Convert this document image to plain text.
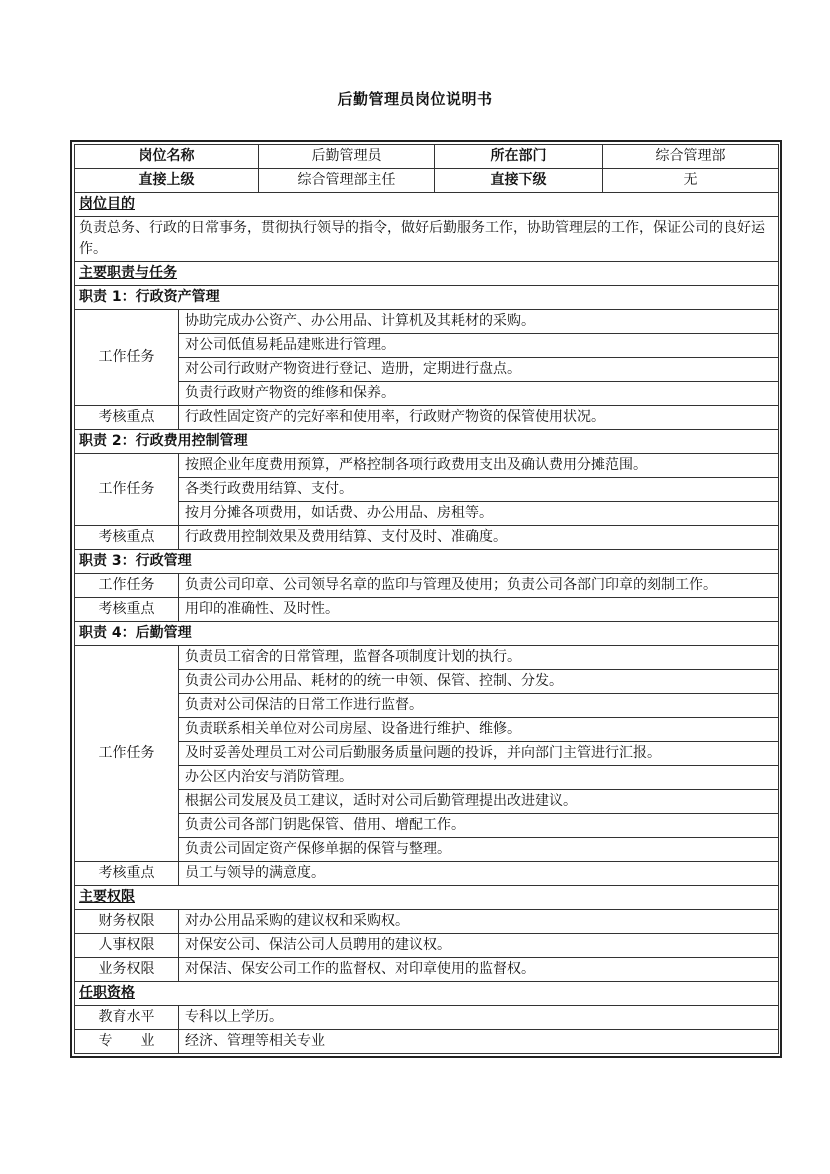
后勤管理员岗位说明书
岗位名称		后勤管理员	所在部门	综合管理部
直接上级		综合管理部主任	直接下级	无
岗位目的				
负责总务、行政的日常事务，贯彻执行领导的指令，做好后勤服务工作，协助管理层的工作，保证公司的良好运作。				
主要职责与任务				
职责 1：行政资产管理				
工作任务	协助完成办公资产、办公用品、计算机及其耗材的采购。			
	对公司低值易耗品建账进行管理。			
	对公司行政财产物资进行登记、造册，定期进行盘点。			
	负责行政财产物资的维修和保养。			
考核重点	行政性固定资产的完好率和使用率，行政财产物资的保管使用状况。			
职责 2：行政费用控制管理				
工作任务	按照企业年度费用预算，严格控制各项行政费用支出及确认费用分摊范围。			
	各类行政费用结算、支付。			
	按月分摊各项费用，如话费、办公用品、房租等。			
考核重点	行政费用控制效果及费用结算、支付及时、准确度。			
职责 3：行政管理				
工作任务	负责公司印章、公司领导名章的监印与管理及使用；负责公司各部门印章的刻制工作。			
考核重点	用印的准确性、及时性。			
职责 4：后勤管理				
工作任务	负责员工宿舍的日常管理，监督各项制度计划的执行。			
	负责公司办公用品、耗材的的统一申领、保管、控制、分发。			
	负责对公司保洁的日常工作进行监督。			
	负责联系相关单位对公司房屋、设备进行维护、维修。			
	及时妥善处理员工对公司后勤服务质量问题的投诉，并向部门主管进行汇报。			
	办公区内治安与消防管理。			
	根据公司发展及员工建议，适时对公司后勤管理提出改进建议。			
	负责公司各部门钥匙保管、借用、增配工作。			
	负责公司固定资产保修单据的保管与整理。			
考核重点	员工与领导的满意度。			
主要权限				
财务权限	对办公用品采购的建议权和采购权。			
人事权限	对保安公司、保洁公司人员聘用的建议权。			
业务权限	对保洁、保安公司工作的监督权、对印章使用的监督权。			
任职资格				
教育水平	专科以上学历。			
专　　业	经济、管理等相关专业			
